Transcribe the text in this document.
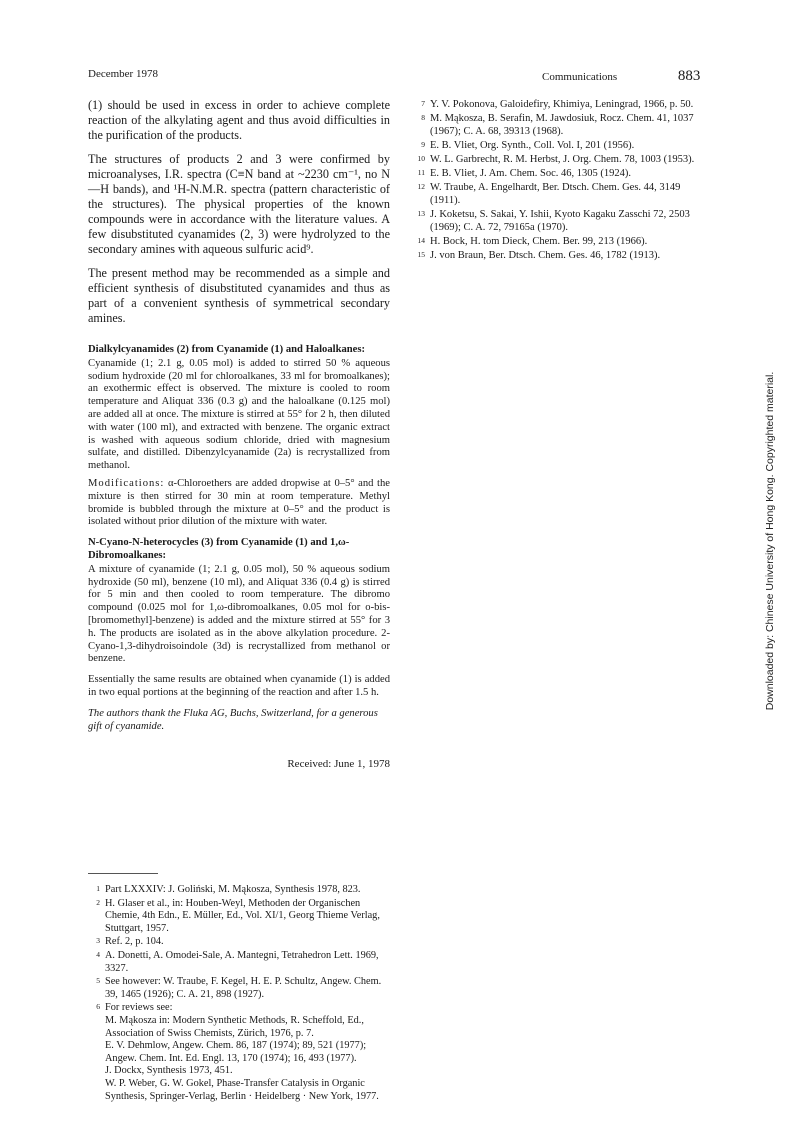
December 1978	Communications	883

(1) should be used in excess in order to achieve complete reaction of the alkylating agent and thus avoid difficulties in the purification of the products.

The structures of products 2 and 3 were confirmed by microanalyses, I.R. spectra (C≡N band at ~2230 cm⁻¹, no N—H bands), and ¹H-N.M.R. spectra (pattern characteristic of the structures). The physical properties of the known compounds were in accordance with the literature values. A few disubstituted cyanamides (2, 3) were hydrolyzed to the secondary amines with aqueous sulfuric acid⁹.

The present method may be recommended as a simple and efficient synthesis of disubstituted cyanamides and thus as part of a convenient synthesis of symmetrical secondary amines.

Dialkylcyanamides (2) from Cyanamide (1) and Haloalkanes:

Cyanamide (1; 2.1 g, 0.05 mol) is added to stirred 50 % aqueous sodium hydroxide (20 ml for chloroalkanes, 33 ml for bromoalkanes); an exothermic effect is observed. The mixture is cooled to room temperature and Aliquat 336 (0.3 g) and the haloalkane (0.125 mol) are added all at once. The mixture is stirred at 55° for 2 h, then diluted with water (100 ml), and extracted with benzene. The organic extract is washed with aqueous sodium chloride, dried with magnesium sulfate, and distilled. Dibenzylcyanamide (2a) is recrystallized from methanol.

Modifications: α-Chloroethers are added dropwise at 0–5° and the mixture is then stirred for 30 min at room temperature. Methyl bromide is bubbled through the mixture at 0–5° and the product is isolated without prior dilution of the mixture with water.

N-Cyano-N-heterocycles (3) from Cyanamide (1) and 1,ω-Dibromoalkanes:

A mixture of cyanamide (1; 2.1 g, 0.05 mol), 50 % aqueous sodium hydroxide (50 ml), benzene (10 ml), and Aliquat 336 (0.4 g) is stirred for 5 min and then cooled to room temperature. The dibromo compound (0.025 mol for 1,ω-dibromoalkanes, 0.05 mol for o-bis-[bromomethyl]-benzene) is added and the mixture stirred at 55° for 3 h. The products are isolated as in the above alkylation procedure. 2-Cyano-1,3-dihydroisoindole (3d) is recrystallized from methanol or benzene.

Essentially the same results are obtained when cyanamide (1) is added in two equal portions at the beginning of the reaction and after 1.5 h.

The authors thank the Fluka AG, Buchs, Switzerland, for a generous gift of cyanamide.

Received: June 1, 1978
7 Y. V. Pokonova, Galoidefiry, Khimiya, Leningrad, 1966, p. 50.
8 M. Mąkosza, B. Serafin, M. Jawdosiuk, Rocz. Chem. 41, 1037 (1967); C. A. 68, 39313 (1968).
9 E. B. Vliet, Org. Synth., Coll. Vol. I, 201 (1956).
10 W. L. Garbrecht, R. M. Herbst, J. Org. Chem. 78, 1003 (1953).
11 E. B. Vliet, J. Am. Chem. Soc. 46, 1305 (1924).
12 W. Traube, A. Engelhardt, Ber. Dtsch. Chem. Ges. 44, 3149 (1911).
13 J. Koketsu, S. Sakai, Y. Ishii, Kyoto Kagaku Zasschi 72, 2503 (1969); C. A. 72, 79165a (1970).
14 H. Bock, H. tom Dieck, Chem. Ber. 99, 213 (1966).
15 J. von Braun, Ber. Dtsch. Chem. Ges. 46, 1782 (1913).
1 Part LXXXIV: J. Goliński, M. Mąkosza, Synthesis 1978, 823.
2 H. Glaser et al., in: Houben-Weyl, Methoden der Organischen Chemie, 4th Edn., E. Müller, Ed., Vol. XI/1, Georg Thieme Verlag, Stuttgart, 1957.
3 Ref. 2, p. 104.
4 A. Donetti, A. Omodei-Sale, A. Mantegni, Tetrahedron Lett. 1969, 3327.
5 See however: W. Traube, F. Kegel, H. E. P. Schultz, Angew. Chem. 39, 1465 (1926); C. A. 21, 898 (1927).
6 For reviews see:
M. Mąkosza in: Modern Synthetic Methods, R. Scheffold, Ed., Association of Swiss Chemists, Zürich, 1976, p. 7.
E. V. Dehmlow, Angew. Chem. 86, 187 (1974); 89, 521 (1977); Angew. Chem. Int. Ed. Engl. 13, 170 (1974); 16, 493 (1977).
J. Dockx, Synthesis 1973, 451.
W. P. Weber, G. W. Gokel, Phase-Transfer Catalysis in Organic Synthesis, Springer-Verlag, Berlin · Heidelberg · New York, 1977.
Downloaded by: Chinese University of Hong Kong. Copyrighted material.
